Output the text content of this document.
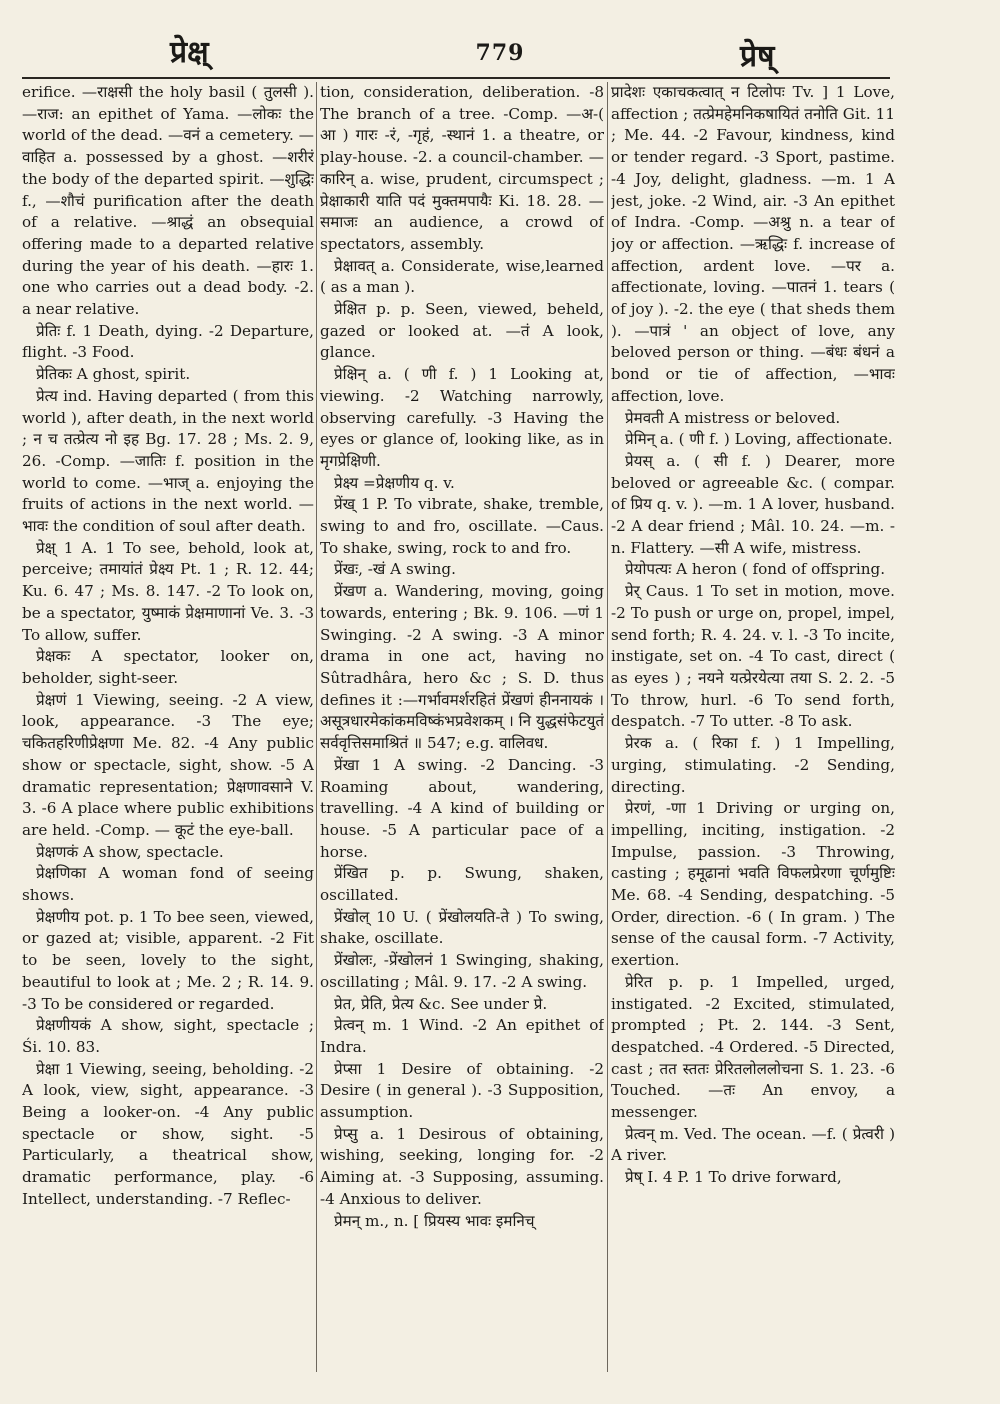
प्रेक्ष्	779	प्रेष्

erifice. —राक्षसी the holy basil ( तुलसी ). —राज: an epithet of Yama. —लोकः the world of the dead. —वनं a cemetery. —वाहित a. possessed by a ghost. —शरीरं the body of the departed spirit. —शुद्धिः f., —शौचं purification after the death of a relative. —श्राद्धं an obsequial offering made to a departed relative during the year of his death. —हारः 1. one who carries out a dead body. -2. a near relative.

प्रेतिः f. 1 Death, dying. -2 Departure, flight. -3 Food.

प्रेतिकः A ghost, spirit.

प्रेत्य ind. Having departed ( from this world ), after death, in the next world ; न च तत्प्रेत्य नो इह Bg. 17. 28 ; Ms. 2. 9, 26. -Comp. —जातिः f. position in the world to come. —भाज् a. enjoying the fruits of actions in the next world. —भावः the condition of soul after death.

प्रेक्ष् 1 A. 1 To see, behold, look at, perceive; तमायांतं प्रेक्ष्य Pt. 1 ; R. 12. 44; Ku. 6. 47 ; Ms. 8. 147. -2 To look on, be a spectator, युष्माकं प्रेक्षमाणानां Ve. 3. -3 To allow, suffer.

प्रेक्षकः A spectator, looker on, beholder, sight-seer.

प्रेक्षणं 1 Viewing, seeing. -2 A view, look, appearance. -3 The eye; चकितहरिणीप्रेक्षणा Me. 82. -4 Any public show or spectacle, sight, show. -5 A dramatic representation; प्रेक्षणावसाने V. 3. -6 A place where public exhibitions are held. -Comp. — कूटं the eye-ball.

प्रेक्षणकं A show, spectacle.

प्रेक्षणिका A woman fond of seeing shows.

प्रेक्षणीय pot. p. 1 To bee seen, viewed, or gazed at; visible, apparent. -2 Fit to be seen, lovely to the sight, beautiful to look at ; Me. 2 ; R. 14. 9. -3 To be considered or regarded.

प्रेक्षणीयकं A show, sight, spectacle ; Śi. 10. 83.

प्रेक्षा 1 Viewing, seeing, beholding. -2 A look, view, sight, appearance. -3 Being a looker-on. -4 Any public spectacle or show, sight. -5 Particularly, a theatrical show, dramatic performance, play. -6 Intellect, understanding. -7 Reflec-

tion, consideration, deliberation. -8 The branch of a tree. -Comp. —अ-( आ ) गारः -रं, -गृहं, -स्थानं 1. a theatre, or play-house. -2. a council-chamber. —कारिन् a. wise, prudent, circumspect ; प्रेक्षाकारी याति पदं मुक्तमपायैः Ki. 18. 28. —समाजः an audience, a crowd of spectators, assembly.

प्रेक्षावत् a. Considerate, wise,learned ( as a man ).

प्रेक्षित p. p. Seen, viewed, beheld, gazed or looked at. —तं A look, glance.

प्रेक्षिन् a. ( णी f. ) 1 Looking at, viewing. -2 Watching narrowly, observing carefully. -3 Having the eyes or glance of, looking like, as in मृगप्रेक्षिणी.

प्रेक्ष्य =प्रेक्षणीय q. v.

प्रेंख् 1 P. To vibrate, shake, tremble, swing to and fro, oscillate. —Caus. To shake, swing, rock to and fro.

प्रेंखः, -खं A swing.

प्रेंखण a. Wandering, moving, going towards, entering ; Bk. 9. 106. —णं 1 Swinging. -2 A swing. -3 A minor drama in one act, having no Sûtradhâra, hero &c ; S. D. thus defines it :—गर्भावमर्शरहितं प्रेंखणं हीननायकं । असूत्रधारमेकांकमविष्कंभप्रवेशकम् । नि युद्धसंफेटयुतं सर्ववृत्तिसमाश्रितं ॥ 547; e.g. वालिवध.

प्रेंखा 1 A swing. -2 Dancing. -3 Roaming about, wandering, travelling. -4 A kind of building or house. -5 A particular pace of a horse.

प्रेंखित p. p. Swung, shaken, oscillated.

प्रेंखोल् 10 U. ( प्रेंखोलयति-ते ) To swing, shake, oscillate.

प्रेंखोलः, -प्रेंखोलनं 1 Swinging, shaking, oscillating ; Mâl. 9. 17. -2 A swing.

प्रेत, प्रेति, प्रेत्य &c. See under प्रे.

प्रेत्वन् m. 1 Wind. -2 An epithet of Indra.

प्रेप्सा 1 Desire of obtaining. -2 Desire ( in general ). -3 Supposition, assumption.

प्रेप्सु a. 1 Desirous of obtaining, wishing, seeking, longing for. -2 Aiming at. -3 Supposing, assuming. -4 Anxious to deliver.

प्रेमन् m., n. [ प्रियस्य भावः इमनिच्

प्रादेशः एकाचकत्वात् न टिलोपः Tv. ] 1 Love, affection ; तत्प्रेमहेमनिकषायितं तनोति Git. 11 ; Me. 44. -2 Favour, kindness, kind or tender regard. -3 Sport, pastime. -4 Joy, delight, gladness. —m. 1 A jest, joke. -2 Wind, air. -3 An epithet of Indra. -Comp. —अश्रु n. a tear of joy or affection. —ऋद्धिः f. increase of affection, ardent love. —पर a. affectionate, loving. —पातनं 1. tears ( of joy ). -2. the eye ( that sheds them ). —पात्रं ' an object of love, any beloved person or thing. —बंधः बंधनं a bond or tie of affection, —भावः affection, love.

प्रेमवती A mistress or beloved.

प्रेमिन् a. ( णी f. ) Loving, affectionate.

प्रेयस् a. ( सी f. ) Dearer, more beloved or agreeable &c. ( compar. of प्रिय q. v. ). —m. 1 A lover, husband. -2 A dear friend ; Mâl. 10. 24. —m. -n. Flattery. —सी A wife, mistress.

प्रेयोपत्यः A heron ( fond of offspring.

प्रेर् Caus. 1 To set in motion, move. -2 To push or urge on, propel, impel, send forth; R. 4. 24. v. l. -3 To incite, instigate, set on. -4 To cast, direct ( as eyes ) ; नयने यत्प्रेरयेत्या तया S. 2. 2. -5 To throw, hurl. -6 To send forth, despatch. -7 To utter. -8 To ask.

प्रेरक a. ( रिका f. ) 1 Impelling, urging, stimulating. -2 Sending, directing.

प्रेरणं, -णा 1 Driving or urging on, impelling, inciting, instigation. -2 Impulse, passion. -3 Throwing, casting ; हमूढानां भवति विफलप्रेरणा चूर्णमुष्टिः Me. 68. -4 Sending, despatching. -5 Order, direction. -6 ( In gram. ) The sense of the causal form. -7 Activity, exertion.

प्रेरित p. p. 1 Impelled, urged, instigated. -2 Excited, stimulated, prompted ; Pt. 2. 144. -3 Sent, despatched. -4 Ordered. -5 Directed, cast ; तत स्ततः प्रेरितलोललोचना S. 1. 23. -6 Touched. —तः An envoy, a messenger.

प्रेत्वन् m. Ved. The ocean. —f. ( प्रेत्वरी ) A river.

प्रेष् I. 4 P. 1 To drive forward,
